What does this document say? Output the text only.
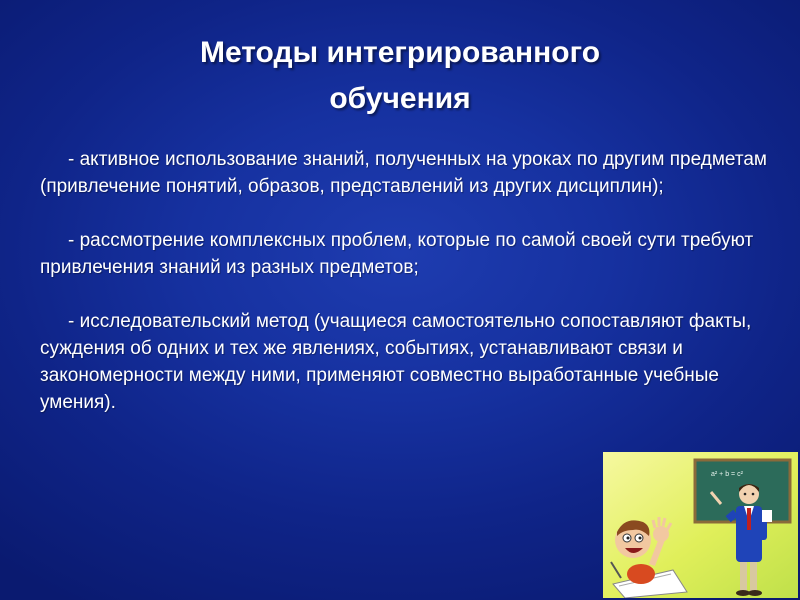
Методы интегрированного
обучения

- активное использование знаний, полученных на уроках по другим предметам (привлечение понятий, образов, представлений из других дисциплин);

- рассмотрение комплексных проблем, которые по самой своей сути требуют привлечения знаний из разных предметов;

- исследовательский метод (учащиеся самостоятельно сопоставляют факты, суждения об одних и тех же явлениях, событиях, устанавливают связи и закономерности между ними, применяют совместно выработанные учебные умения).

a² + b = c²
